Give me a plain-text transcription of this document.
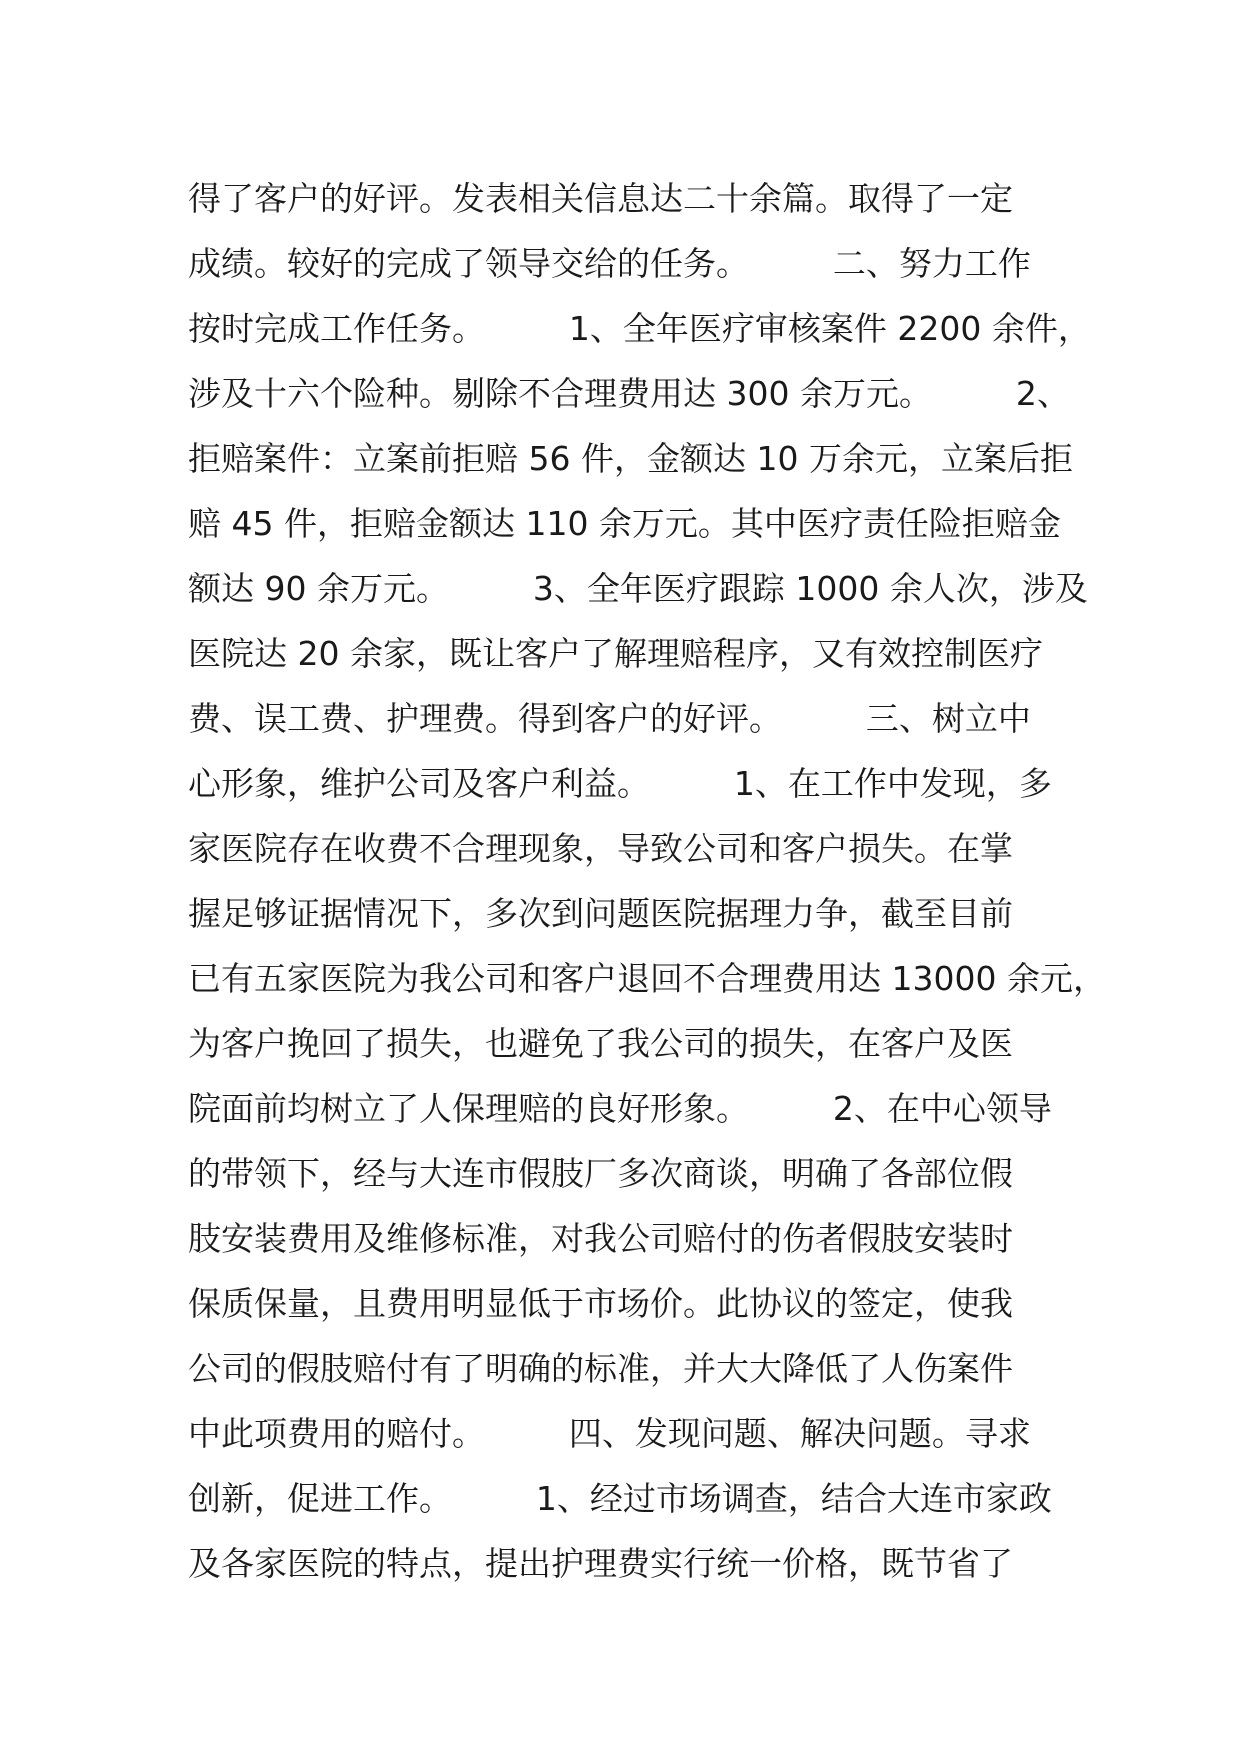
得了客户的好评。发表相关信息达二十余篇。取得了一定
成绩。较好的完成了领导交给的任务。        二、努力工作
按时完成工作任务。        1、全年医疗审核案件 2200 余件，
涉及十六个险种。剔除不合理费用达 300 余万元。        2、
拒赔案件：立案前拒赔 56 件，金额达 10 万余元，立案后拒
赔 45 件，拒赔金额达 110 余万元。其中医疗责任险拒赔金
额达 90 余万元。        3、全年医疗跟踪 1000 余人次，涉及
医院达 20 余家，既让客户了解理赔程序，又有效控制医疗
费、误工费、护理费。得到客户的好评。        三、树立中
心形象，维护公司及客户利益。        1、在工作中发现，多
家医院存在收费不合理现象，导致公司和客户损失。在掌
握足够证据情况下，多次到问题医院据理力争，截至目前
已有五家医院为我公司和客户退回不合理费用达 13000 余元，
为客户挽回了损失，也避免了我公司的损失，在客户及医
院面前均树立了人保理赔的良好形象。        2、在中心领导
的带领下，经与大连市假肢厂多次商谈，明确了各部位假
肢安装费用及维修标准，对我公司赔付的伤者假肢安装时
保质保量，且费用明显低于市场价。此协议的签定，使我
公司的假肢赔付有了明确的标准，并大大降低了人伤案件
中此项费用的赔付。        四、发现问题、解决问题。寻求
创新，促进工作。        1、经过市场调查，结合大连市家政
及各家医院的特点，提出护理费实行统一价格，既节省了
